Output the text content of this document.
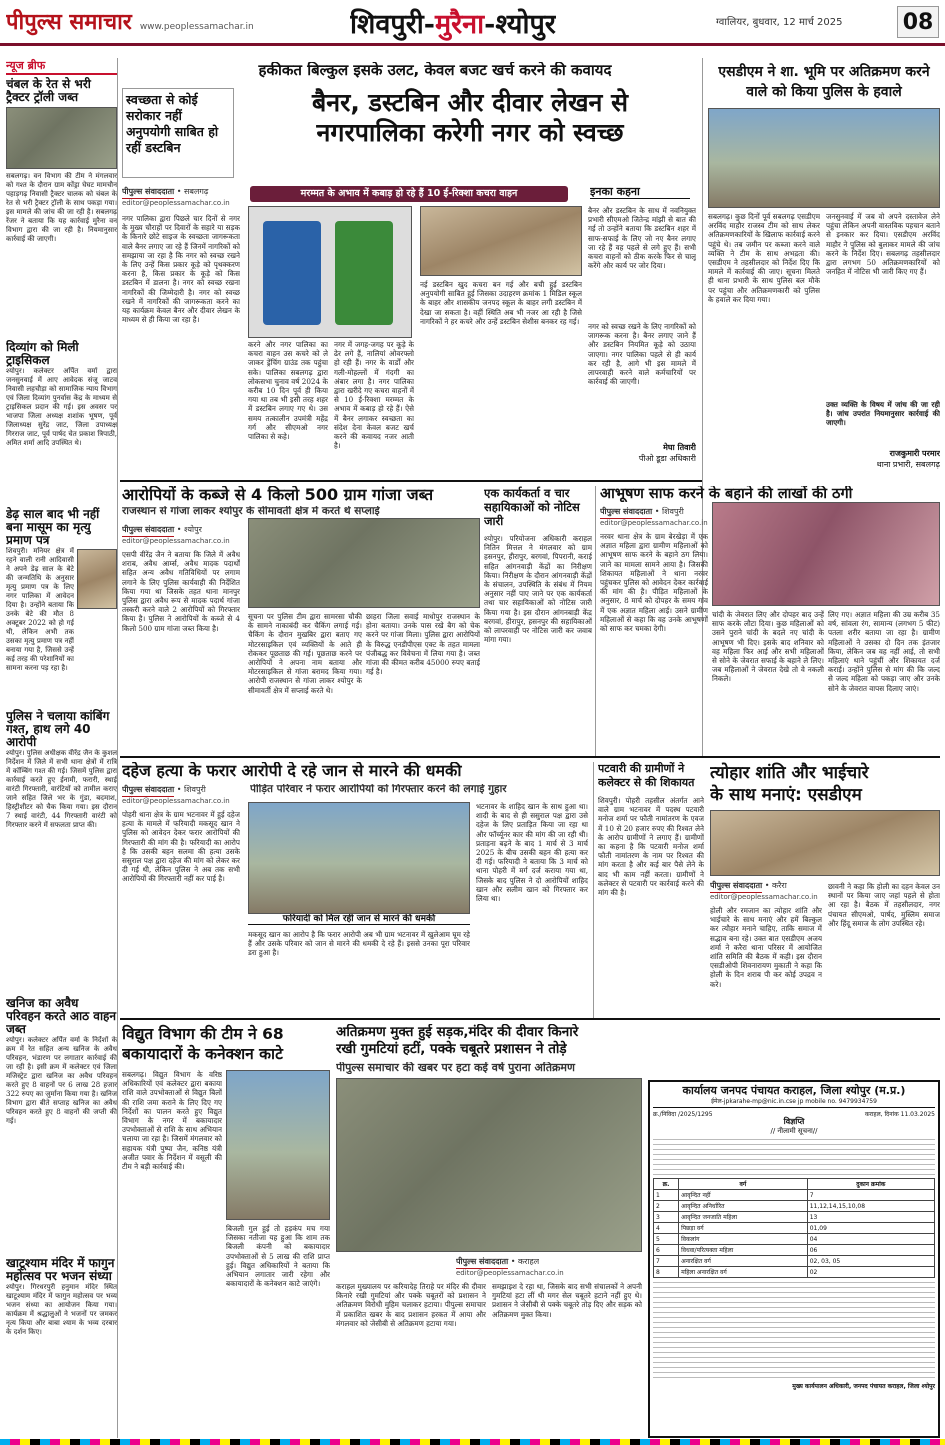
पीपुल्स समाचार www.peoplessamachar.in	शिवपुरी-मुरैना-श्योपुर	ग्वालियर, बुधवार, 12 मार्च 2025	08
न्यूज ब्रीफ
चंबल के रेत से भरी ट्रैक्टर ट्रॉली जब्त
सबलगढ़। वन विभाग की टीम ने मंगलवार को गश्त के दौरान ग्राम कोंड्रा घेघट मामचौन पहाड़गढ़ निवासी ट्रैक्टर चालक को चंबल के रेत से भरी ट्रैक्टर ट्रॉली के साथ पकड़ा गया। इस मामले की जांच की जा रही है। सबलगढ़ रेंजर ने बताया कि यह कार्रवाई मुरैना वन विभाग द्वारा की जा रही है। नियमानुसार कार्रवाई की जाएगी।
दिव्यांग को मिली ट्राइसिकल
श्योपुर। कलेक्टर अर्पित वर्मा द्वारा जनसुनवाई में आए आवेदक संजू जाटव निवासी लहचौड़ा को सामाजिक न्याय विभाग एवं जिला दिव्यांग पुनर्वास केंद्र के माध्यम से ट्राइसिकल प्रदान की गई। इस अवसर पर भाजपा जिला अध्यक्ष शशांक भूषण, पूर्व जिलाध्यक्ष सुरेंद्र जाट, जिला उपाध्यक्ष गिरराज जाट, पूर्व पार्षद चेत प्रकाश त्रिपाठी, अमित शर्मा आदि उपस्थित थे।
डेढ़ साल बाद भी नहीं बना मासूम का मृत्यु प्रमाण पत्र
शिवपुरी। मनियर क्षेत्र में रहने वाली रानी आदिवासी ने अपने डेढ़ साल के बेटे की जन्मतिथि के अनुसार मृत्यु प्रमाण पत्र के लिए नगर पालिका में आवेदन दिया है। उन्होंने बताया कि उनके बेटे की मौत 8 अक्टूबर 2022 को हो गई थी, लेकिन अभी तक उसका मृत्यु प्रमाण पत्र नहीं बनाया गया है, जिससे उन्हें कई तरह की परेशानियों का सामना करना पड़ रहा है।
पुलिस ने चलाया कांबिंग गश्त, हाथ लगे 40 आरोपी
श्योपुर। पुलिस अधीक्षक वीरेंद्र जैन के कुशल निर्देशन में जिले में सभी थाना क्षेत्रों में रात्रि में कॉम्बिंग गश्त की गई। जिसमें पुलिस द्वारा कार्रवाई करते हुए ईनामी, फरारी, स्थाई वारंटी गिरफ्तारी, वारंटियों को तामील कराए जाने सहित जिले भर के गुंडा, बदमाश, हिस्ट्रीशीटर को चैक किया गया। इस दौरान 7 स्थाई वारंटी, 44 गिरफ्तारी वारंटी को गिरफ्तार करने में सफलता प्राप्त की।
खनिज का अवैध परिवहन करते आठ वाहन जब्त
श्योपुर। कलेक्टर अर्पित वर्मा के निर्देशों के क्रम में रेत सहित अन्य खनिज के अवैध परिवहन, भंडारण पर लगातार कार्रवाई की जा रही है। इसी क्रम में कलेक्टर एवं जिला मजिस्ट्रेट द्वारा खनिज का अवैध परिवहन करते हुए 8 वाहनों पर 6 लाख 28 हजार 322 रुपए का जुर्माना किया गया है। खनिज विभाग द्वारा बीते सप्ताह खनिज का अवैध परिवहन करते हुए 8 वाहनों की जप्ती की गई।
खाटूश्याम मंदिर में फागुन महोत्सव पर भजन संध्या
श्योपुर। गिरधरपुरी हनुमान मंदिर स्थित खाटूश्याम मंदिर में फागुन महोत्सव पर भव्य भजन संध्या का आयोजन किया गया। कार्यक्रम में श्रद्धालुओं ने भजनों पर जमकर नृत्य किया और बाबा श्याम के भव्य दरबार के दर्शन किए।
हकीकत बिल्कुल इसके उलट, केवल बजट खर्च करने की कवायद
स्वच्छता से कोई सरोकार नहीं अनुपयोगी साबित हो रहीं डस्टबिन
बैनर, डस्टबिन और दीवार लेखन से
नगरपालिका करेगी नगर को स्वच्छ
पीपुल्स संवाददाता • सबलगढ़
editor@peoplessamachar.co.in
मरम्मत के अभाव में कबाड़ हो रहे हैं 10 ई-रिक्शा कचरा वाहन	इनका कहना
नगर पालिका द्वारा पिछले चार दिनों से नगर के मुख्य चौराहों पर दिवारों के सहारे या सड़क के किनारे छोटे साइज के स्वच्छता जागरूकता वाले बैनर लगाए जा रहे हैं जिनमें नागरिकों को समझाया जा रहा है कि नगर को स्वच्छ रखने के लिए उन्हें किस प्रकार कूड़े को पृथक्करण करना है, किस प्रकार के कूड़े को किस डस्टबिन में डालना है। नगर को स्वच्छ रखना नागरिकों की जिम्मेदारी है। नगर को स्वच्छ रखने में नागरिकों की जागरूकता करने का यह कार्यक्रम केवल बैनर और दीवार लेखन के माध्यम से ही किया जा रहा है।
करने और नगर पालिका का कचरा वाहन उस कचरे को ले जाकर ड्रेंचिंग ग्राउंड तक पहुंचा सके। पालिका सबलगढ़ द्वारा लोकसभा चुनाव वर्ष 2024 के करीब 10 दिन पूर्व ही किया गया था तब भी इसी तरह शहर में डस्टबिन लगाए गए थे। उस समय तत्कालीन उपमंत्री महेंद्र गर्ग और सीएमओ नगर पालिका से कहे।
नगर में जगह-जगह पर कूड़े के ढेर लगे हैं, नालियां ओवरफ्लो हो रही हैं। नगर के वार्डों और गली-मोहल्लों में गंदगी का अंबार लगा है। नगर पालिका द्वारा खरीदे गए कचरा वाहनों में से 10 ई-रिक्शा मरम्मत के अभाव में कबाड़ हो रहे हैं। ऐसे में बैनर लगाकर स्वच्छता का संदेश देना केवल बजट खर्च करने की कवायद नजर आती है।
नई डस्टबिन खुद कचरा बन गई और बची हुई डस्टबिन अनुपयोगी साबित हुई जिसका उदाहरण क्रमांक 1 मिडिल स्कूल के बाहर और शासकीय जनपद स्कूल के बाहर लगी डस्टबिन में देखा जा सकता है। वहीं स्थिति अब भी नजर आ रही है जिसे नागरिकों ने हर कचरे और उन्हें डस्टबिन सेशीस बनकर रह गई।
बैनर और डस्टबिन के साथ में नवनियुक्त प्रभारी सीएमओ जितेन्द्र मांझी से बात की गई तो उन्होंने बताया कि डस्टबिन शहर में साफ-सफाई के लिए जो नए बैनर लगाए जा रहे हैं वह पहले से लगे हुए हैं। सभी कचरा वाहनों को ठीक करके फिर से चालू करेंगे और कार्य पर जोर दिया।
नगर को स्वच्छ रखने के लिए नागरिकों को जागरूक करना है। बैनर लगाए जाने हैं और डस्टबिन नियमित कूड़े को उठाया जाएगा। नगर पालिका पहले से ही कार्य कर रही है, आगे भी इस मामले में लापरवाही करने वाले कर्मचारियों पर कार्रवाई की जाएगी।
मेघा तिवारी
पीओ डूडा अधिकारी
एसडीएम ने शा. भूमि पर अतिक्रमण करने वाले को किया पुलिस के हवाले
सबलगढ़। कुछ दिनों पूर्व सबलगढ़ एसडीएम अरविंद माहौर राजस्व टीम को साथ लेकर अतिक्रमणकारियों के खिलाफ कार्रवाई करने पहुंचे थे। तब जमीन पर कब्जा करने वाले व्यक्ति ने टीम के साथ अभद्रता की। एसडीएम ने तहसीलदार को निर्देश दिए कि मामले में कार्रवाई की जाए। सूचना मिलते ही थाना प्रभारी के साथ पुलिस बल मौके पर पहुंचा और अतिक्रमणकारी को पुलिस के हवाले कर दिया गया।
जनसुनवाई में जब वो अपने दस्तावेज लेने पहुंचा लेकिन अपनी वास्तविक पहचान बताने से इनकार कर दिया। एसडीएम अरविंद माहौर ने पुलिस को बुलाकर मामले की जांच करने के निर्देश दिए। सबलगढ़ तहसीलदार द्वारा लगभग 50 अतिक्रमणकारियों को जनहित में नोटिस भी जारी किए गए हैं।
उक्त व्यक्ति के विषय में जांच की जा रही है। जांच उपरांत नियमानुसार कार्रवाई की जाएगी।
राजकुमारी परमार
थाना प्रभारी, सबलगढ़
आरोपियों के कब्जे से 4 किलो 500 ग्राम गांजा जब्त
राजस्थान से गांजा लाकर श्योपुर के सीमावर्ती क्षेत्र में करते थे सप्लाई
पीपुल्स संवाददाता • श्योपुर
editor@peoplessamachar.co.in
एसपी वीरेंद्र जैन ने बताया कि जिले में अवैध शराब, अवैध आर्म्स, अवैध मादक पदार्थों सहित अन्य अवैध गतिविधियों पर लगाम लगाने के लिए पुलिस कार्यवाही की निर्देशित किया गया था जिसके तहत थाना मानपुर पुलिस द्वारा अवैध रूप से मादक पदार्थ गांजा तस्करी करने वाले 2 आरोपियों को गिरफ्तार किया है। पुलिस ने आरोपियों के कब्जे से 4 किलो 500 ग्राम गांजा जब्त किया है।
सूचना पर पुलिस टीम द्वारा सामरसा चौकी के सामने नाकाबंदी कर चैकिंग लगाई गई। चैकिंग के दौरान मुखबिर द्वारा बताए गए मोटरसाइकिल एवं व्यक्तियों के आते ही रोककर पूछताछ की गई। पूछताछ करने पर आरोपियों ने अपना नाम बताया और मोटरसाइकिल से गांजा बरामद किया गया। आरोपी राजस्थान से गांजा लाकर श्योपुर के सीमावर्ती क्षेत्र में सप्लाई करते थे।
छाहरा जिला सवाई माधोपुर राजस्थान के होना बताया। उनके पास रखे बैग को चेक करने पर गांजा मिला। पुलिस द्वारा आरोपियों के विरुद्ध एनडीपीएस एक्ट के तहत मामला पंजीबद्ध कर विवेचना में लिया गया है। जब्त गांजा की कीमत करीब 45000 रुपए बताई गई है।
एक कार्यकर्ता व चार सहायिकाओं को नोटिस जारी
श्योपुर। परियोजना अधिकारी कराहल नितिन मित्तल ने मंगलवार को ग्राम हसनपुर, हीरापुर, बरगवां, पिपरानी, कराई सहित आंगनवाड़ी केंद्रों का निरीक्षण किया। निरीक्षण के दौरान आंगनवाड़ी केंद्रों के संचालन, उपस्थिति के संबंध में नियम अनुसार नहीं पाए जाने पर एक कार्यकर्ता तथा चार सहायिकाओं को नोटिस जारी किया गया है। इस दौरान आंगनबाड़ी केंद्र बरगवां, हीरापुर, हसनपुर की सहायिकाओं को लापरवाही पर नोटिस जारी कर जवाब मांगा गया।
आभूषण साफ करने के बहाने की लाखों की ठगी
पीपुल्स संवाददाता • शिवपुरी
editor@peoplessamachar.co.in
नरवर थाना क्षेत्र के ग्राम बेरखेड़ा में एक अज्ञात महिला द्वारा ग्रामीण महिलाओं को आभूषण साफ करने के बहाने ठग लिया। जाने का मामला सामने आया है। जिसकी शिकायत महिलाओं ने थाना नरवर पहुंचकर पुलिस को आवेदन देकर कार्रवाई की मांग की है। पीड़ित महिलाओं के अनुसार, 8 मार्च को दोपहर के समय गांव में एक अज्ञात महिला आई। उसने ग्रामीण महिलाओं से कहा कि वह उनके आभूषणों को साफ कर चमका देगी।
चांदी के जेवरात लिए और दोपहर बाद उन्हें साफ करके लौटा दिया। कुछ महिलाओं को उसने पुराने चांदी के बदले नए चांदी के आभूषण भी दिए। इसके बाद शनिवार को वह महिला फिर आई और सभी महिलाओं से सोने के जेवरात सफाई के बहाने ले लिए। जब महिलाओं ने जेवरात देखे तो वे नकली निकले।
लिए गए। अज्ञात महिला की उम्र करीब 35 वर्ष, सांवला रंग, सामान्य (लगभग 5 फीट) पतला शरीर बताया जा रहा है। ग्रामीण महिलाओं ने उसका दो दिन तक इंतजार किया, लेकिन जब वह नहीं आई, तो सभी महिलाएं थाने पहुंचीं और शिकायत दर्ज कराई। उन्होंने पुलिस से मांग की कि जल्द से जल्द महिला को पकड़ा जाए और उनके सोने के जेवरात वापस दिलाए जाएं।
दहेज हत्या के फरार आरोपी दे रहे जान से मारने की धमकी
पीड़ित परिवार ने फरार आरोपियों को गिरफ्तार करने की लगाई गुहार
पीपुल्स संवाददाता • शिवपुरी
editor@peoplessamachar.co.in
पोहरी थाना क्षेत्र के ग्राम भटनावर में हुई दहेज हत्या के मामले में फरियादी मकसूद खान ने पुलिस को आवेदन देकर फरार आरोपियों की गिरफ्तारी की मांग की है। फरियादी का आरोप है कि उसकी बहन सलमा की हत्या उसके ससुराल पक्ष द्वारा दहेज की मांग को लेकर कर दी गई थी, लेकिन पुलिस ने अब तक सभी आरोपियों की गिरफ्तारी नहीं कर पाई है।
फरियादी को मिल रही जान से मारने की धमकी
मकसूद खान का आरोप है कि फरार आरोपी अब भी ग्राम भटनावर में खुलेआम घूम रहे हैं और उसके परिवार को जान से मारने की धमकी दे रहे हैं। इससे उनका पूरा परिवार डरा हुआ है।
भटनावर के शाहिद खान के साथ हुआ था। शादी के बाद से ही ससुराल पक्ष द्वारा उसे दहेज के लिए प्रताड़ित किया जा रहा था और फॉर्च्यूनर कार की मांग की जा रही थी। प्रताड़ना बढ़ने के बाद 1 मार्च से 3 मार्च 2025 के बीच उसकी बहन की हत्या कर दी गई। फरियादी ने बताया कि 3 मार्च को थाना पोहरी में मर्ग दर्ज कराया गया था, जिसके बाद पुलिस ने दो आरोपियों शाहिद खान और सलीम खान को गिरफ्तार कर लिया था।
पटवारी की ग्रामीणों ने कलेक्टर से की शिकायत
शिवपुरी। पोहरी तहसील अंतर्गत आने वाले ग्राम भटनावर में पदस्थ पटवारी मनोज शर्मा पर फौती नामांतरण के एवज में 10 से 20 हजार रुपए की रिश्वत लेने के आरोप ग्रामीणों ने लगाए हैं। ग्रामीणों का कहना है कि पटवारी मनोज शर्मा फौती नामांतरण के नाम पर रिश्वत की मांग करता है और कई बार पैसे लेने के बाद भी काम नहीं करता। ग्रामीणों ने कलेक्टर से पटवारी पर कार्रवाई करने की मांग की है।
त्योहार शांति और भाईचारे
के साथ मनाएं: एसडीएम
पीपुल्स संवाददाता • करैरा
editor@peoplessamachar.co.in
होली और रमजान का त्योहार शांति और भाईचारे के साथ मनाएं और हमें बिल्कुल कर त्यौहार मनाने चाहिए, ताकि समाज में सद्भाव बना रहे। उक्त बात एसडीएम अजय शर्मा ने करैरा थाना परिसर में आयोजित शांति समिति की बैठक में कही। इस दौरान एसडीओपी शिवनारायण मुकाती ने कहा कि होली के दिन शराब पी कर कोई उपद्रव न करे।
छावनी ने कहा कि होली का दहन केवल उन स्थानों पर किया जाए जहां पहले से होता आ रहा है। बैठक में तहसीलदार, नगर पंचायत सीएमओ, पार्षद, मुस्लिम समाज और हिंदू समाज के लोग उपस्थित रहे।
विद्युत विभाग की टीम ने 68
बकायादारों के कनेक्शन काटे
सबलगढ़। विद्युत विभाग के वरिष्ठ अधिकारियों एवं कलेक्टर द्वारा बकाया राशि वाले उपभोक्ताओं से विद्युत बिलों की राशि जमा कराने के लिए दिए गए निर्देशों का पालन करते हुए विद्युत विभाग के नगर में बकायादार उपभोक्ताओं से राशि के साथ अभियान चलाया जा रहा है। जिसमें मंगलवार को सहायक यंत्री पुष्पा जैन, कनिष्ठ यंत्री अजीत पवार के निर्देशन में वसूली की टीम ने बड़ी कार्रवाई की।
बिजली गुल हुई तो हड़कंप मच गया जिसका नतीजा यह हुआ कि शाम तक बिजली कंपनी को बकायादार उपभोक्ताओं से 5 लाख की राशि प्राप्त हुई। विद्युत अधिकारियों ने बताया कि अभियान लगातार जारी रहेगा और बकायादारों के कनेक्शन काटे जाएंगे।
अतिक्रमण मुक्त हुई सड़क,मंदिर की दीवार किनारे
रखी गुमटियां हटीं, पक्के चबूतरे प्रशासन ने तोड़े
पीपुल्स समाचार की खबर पर हटा कई वर्ष पुराना अतिक्रमण
पीपुल्स संवाददाता • कराहल
editor@peoplessamachar.co.in
कराहल मुख्यालय पर करियादेह तिराहे पर मंदिर की दीवार किनारे रखी गुमटियां और पक्के चबूतरों को प्रशासन ने अतिक्रमण विरोधी मुहिम चलाकर हटाया। पीपुल्स समाचार में प्रकाशित खबर के बाद प्रशासन हरकत में आया और मंगलवार को जेसीबी से अतिक्रमण हटाया गया।
समझाइश दे रहा था, जिसके बाद सभी संचालकों ने अपनी गुमटियां हटा लीं थी मगर सेल चबूतरे हटाने नहीं हुए थे। प्रशासन ने जेसीबी से पक्के चबूतरे तोड़ दिए और सड़क को अतिक्रमण मुक्त किया।
कार्यालय जनपद पंचायत कराहल, जिला श्योपुर (म.प्र.)
ईमेल-jpkarahe-mp@nic.in.cse jp mobile no. 9479934759
क्र./निविदा /2025/1295	कराहल, दिनांक 11.03.2025
विज्ञप्ति
// नीलामी सूचना//
क्र.	वर्ग	दुकान क्रमांक
1	आवृन्दित नहीं	7
2	आवृन्दित अनिर्धारित	11,12,14,15,10,08
3	आवृन्दित जनजाति महिला	13
4	पिछड़ा वर्ग	01,09
5	विकलांग	04
6	विधवा/परित्यक्ता महिला	06
7	अनारक्षित वर्ग	02, 03, 05
8	महिला अनारक्षित वर्ग	02
मुख्य कार्यपालन अधिकारी, जनपद पंचायत कराहल, जिला श्योपुर
